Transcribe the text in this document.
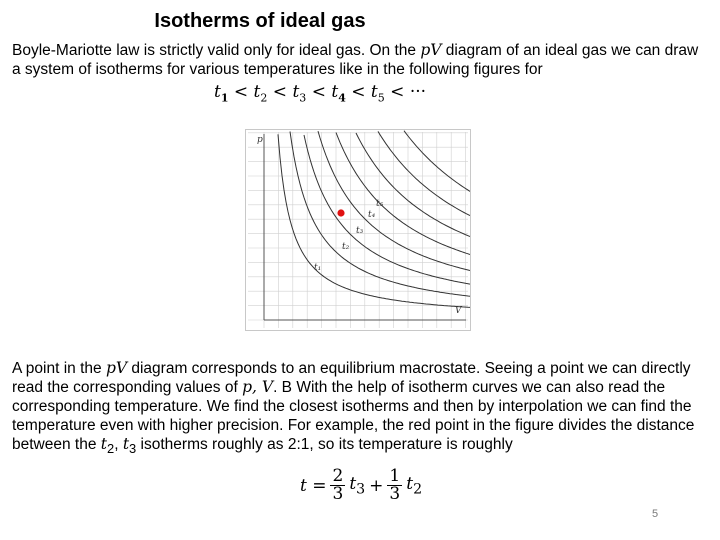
Isotherms of ideal gas

Boyle-Mariotte law is strictly valid only for ideal gas. On the pV diagram of an ideal gas we can draw a system of isotherms for various temperatures like in the following figures for

$t_1 < t_2 < t_3 < t_4 < t_5$ < ···
p
V
t₁
t₂
t₃
t₄
t₅

A point in the pV diagram corresponds to an equilibrium macrostate. Seeing a point we can directly read the corresponding values of p, V. B With the help of isotherm curves we can also read the corresponding temperature. We find the closest isotherms and then by interpolation we can find the temperature even with higher precision. For example, the red point in the figure divides the distance between the $t_2$, $t_3$ isotherms roughly as 2:1, so its temperature is roughly

$t = \frac{2}{3} t_3 + \frac{1}{3} t_2$
5
